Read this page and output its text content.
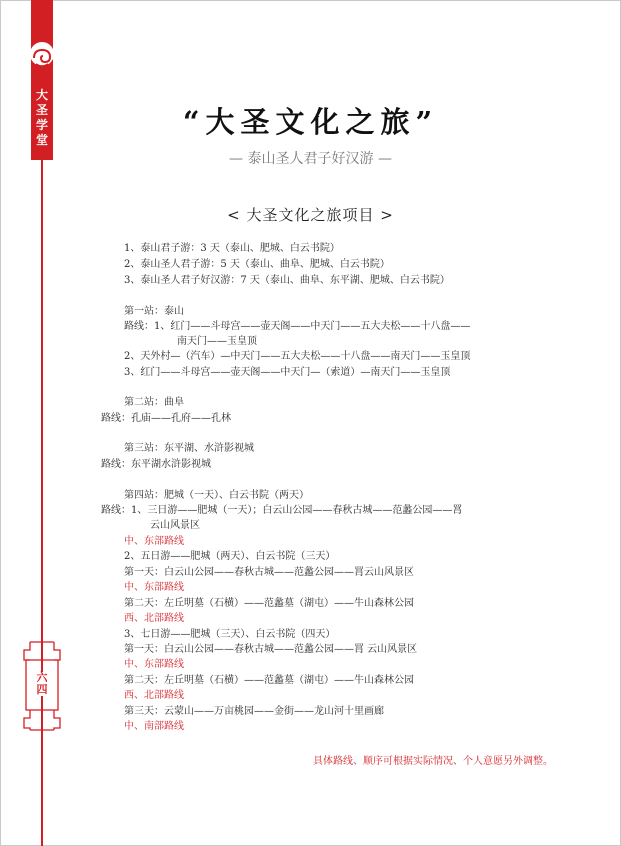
大圣学堂
六四
“大圣文化之旅”
— 泰山圣人君子好汉游 —
< 大圣文化之旅项目 >
1、泰山君子游：3 天（泰山、肥城、白云书院）
2、泰山圣人君子游：5 天（泰山、曲阜、肥城、白云书院）
3、泰山圣人君子好汉游：7 天（泰山、曲阜、东平湖、肥城、白云书院）
第一站：泰山
路线：1、红门——斗母宫——壶天阁——中天门——五大夫松——十八盘——
南天门——玉皇顶
2、天外村—（汽车）—中天门——五大夫松——十八盘——南天门——玉皇顶
3、红门——斗母宫——壶天阁——中天门—（索道）—南天门——玉皇顶
第二站：曲阜
路线：孔庙——孔府——孔林
第三站：东平湖、水浒影视城
路线：东平湖水浒影视城
第四站：肥城（一天）、白云书院（两天）
路线：1、三日游——肥城（一天）；白云山公园——春秋古城——范蠡公园——罥
云山风景区
中、东部路线
2、五日游——肥城（两天）、白云书院（三天）
第一天：白云山公园——春秋古城——范蠡公园——罥云山风景区
中、东部路线
第二天：左丘明墓（石横）——范蠡墓（湖屯）——牛山森林公园
西、北部路线
3、七日游——肥城（三天）、白云书院（四天）
第一天：白云山公园——春秋古城——范蠡公园——罥 云山风景区
中、东部路线
第二天：左丘明墓（石横）——范蠡墓（湖屯）——牛山森林公园
西、北部路线
第三天：云蒙山——万亩桃园——金街——龙山河十里画廊
中、南部路线
具体路线、顺序可根据实际情况、个人意愿另外调整。
